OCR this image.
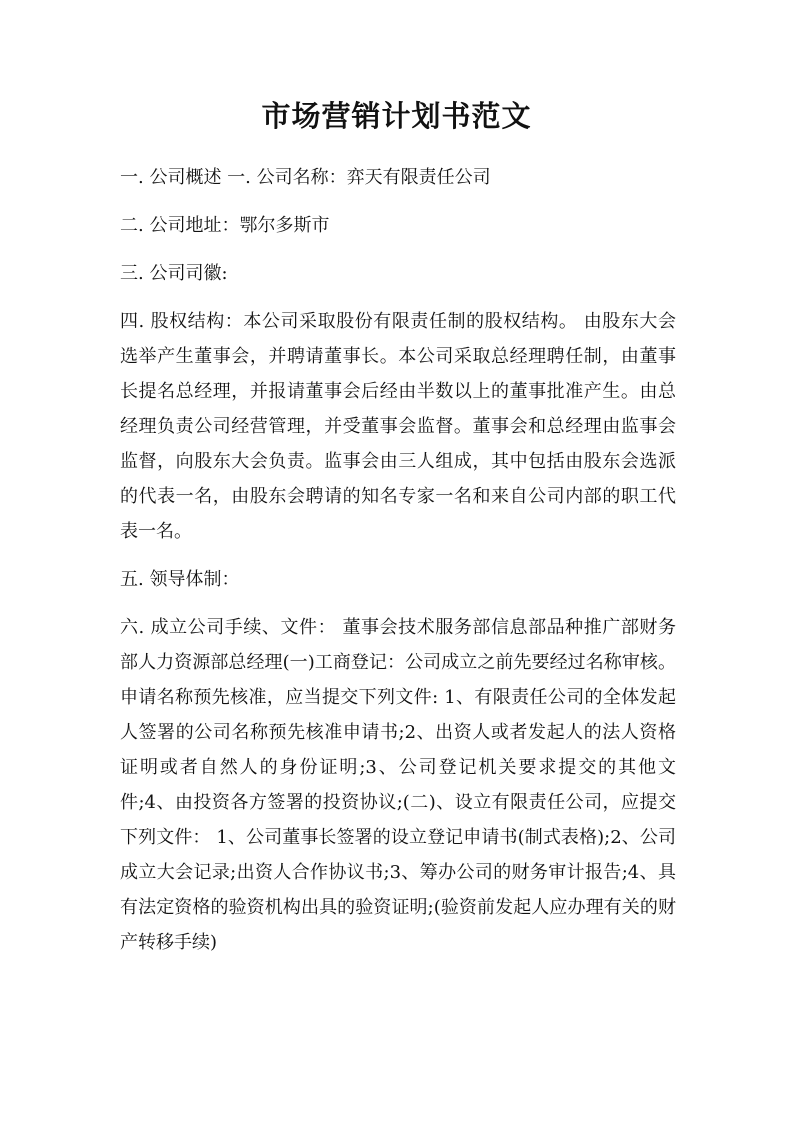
市场营销计划书范文

一. 公司概述 一. 公司名称：弈天有限责任公司

二. 公司地址：鄂尔多斯市

三. 公司司徽:

四. 股权结构：本公司采取股份有限责任制的股权结构。 由股东大会选举产生董事会，并聘请董事长。本公司采取总经理聘任制，由董事长提名总经理，并报请董事会后经由半数以上的董事批准产生。由总经理负责公司经营管理，并受董事会监督。董事会和总经理由监事会监督，向股东大会负责。监事会由三人组成，其中包括由股东会选派的代表一名，由股东会聘请的知名专家一名和来自公司内部的职工代表一名。

五. 领导体制：

六. 成立公司手续、文件： 董事会技术服务部信息部品种推广部财务部人力资源部总经理(一)工商登记：公司成立之前先要经过名称审核。申请名称预先核准，应当提交下列文件: 1、有限责任公司的全体发起人签署的公司名称预先核准申请书;2、出资人或者发起人的法人资格证明或者自然人的身份证明;3、公司登记机关要求提交的其他文件;4、由投资各方签署的投资协议;(二)、设立有限责任公司，应提交下列文件： 1、公司董事长签署的设立登记申请书(制式表格);2、公司成立大会记录;出资人合作协议书;3、筹办公司的财务审计报告;4、具有法定资格的验资机构出具的验资证明;(验资前发起人应办理有关的财产转移手续)
